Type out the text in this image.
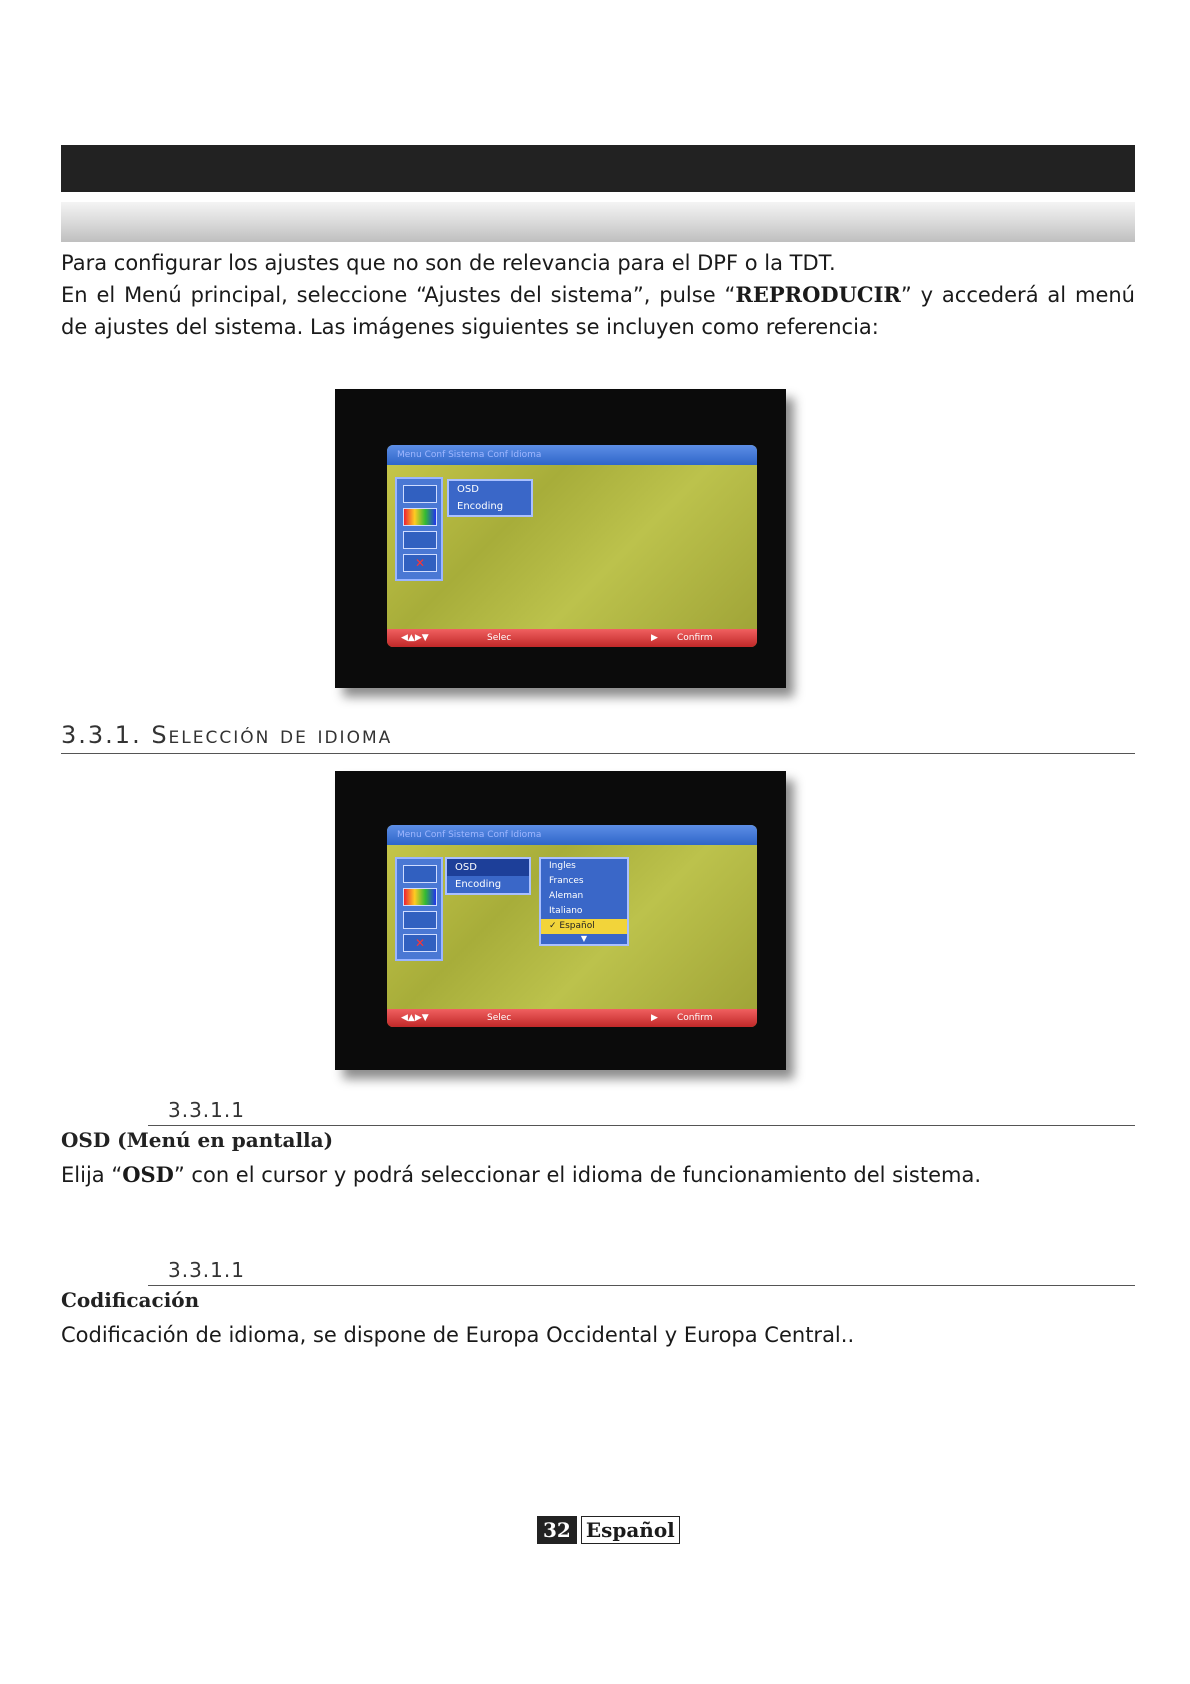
Para configurar los ajustes que no son de relevancia para el DPF o la TDT.

En el Menú principal, seleccione “Ajustes del sistema”, pulse “REPRODUCIR” y accederá al menú de ajustes del sistema. Las imágenes siguientes se incluyen como referencia:

Menu Conf Sistema Conf Idioma
✕
OSD
Encoding
◀▲▶▼	Selec	▶ Confirm
3.3.1. Selección de idioma
Menu Conf Sistema Conf Idioma
✕
OSD
Encoding
Ingles
Frances
Aleman
Italiano
✓ Español
▼
◀▲▶▼	Selec	▶ Confirm
3.3.1.1
OSD (Menú en pantalla)

Elija “OSD” con el cursor y podrá seleccionar el idioma de funcionamiento del sistema.

3.3.1.1
Codificación

Codificación de idioma, se dispone de Europa Occidental y Europa Central..

32 Español
